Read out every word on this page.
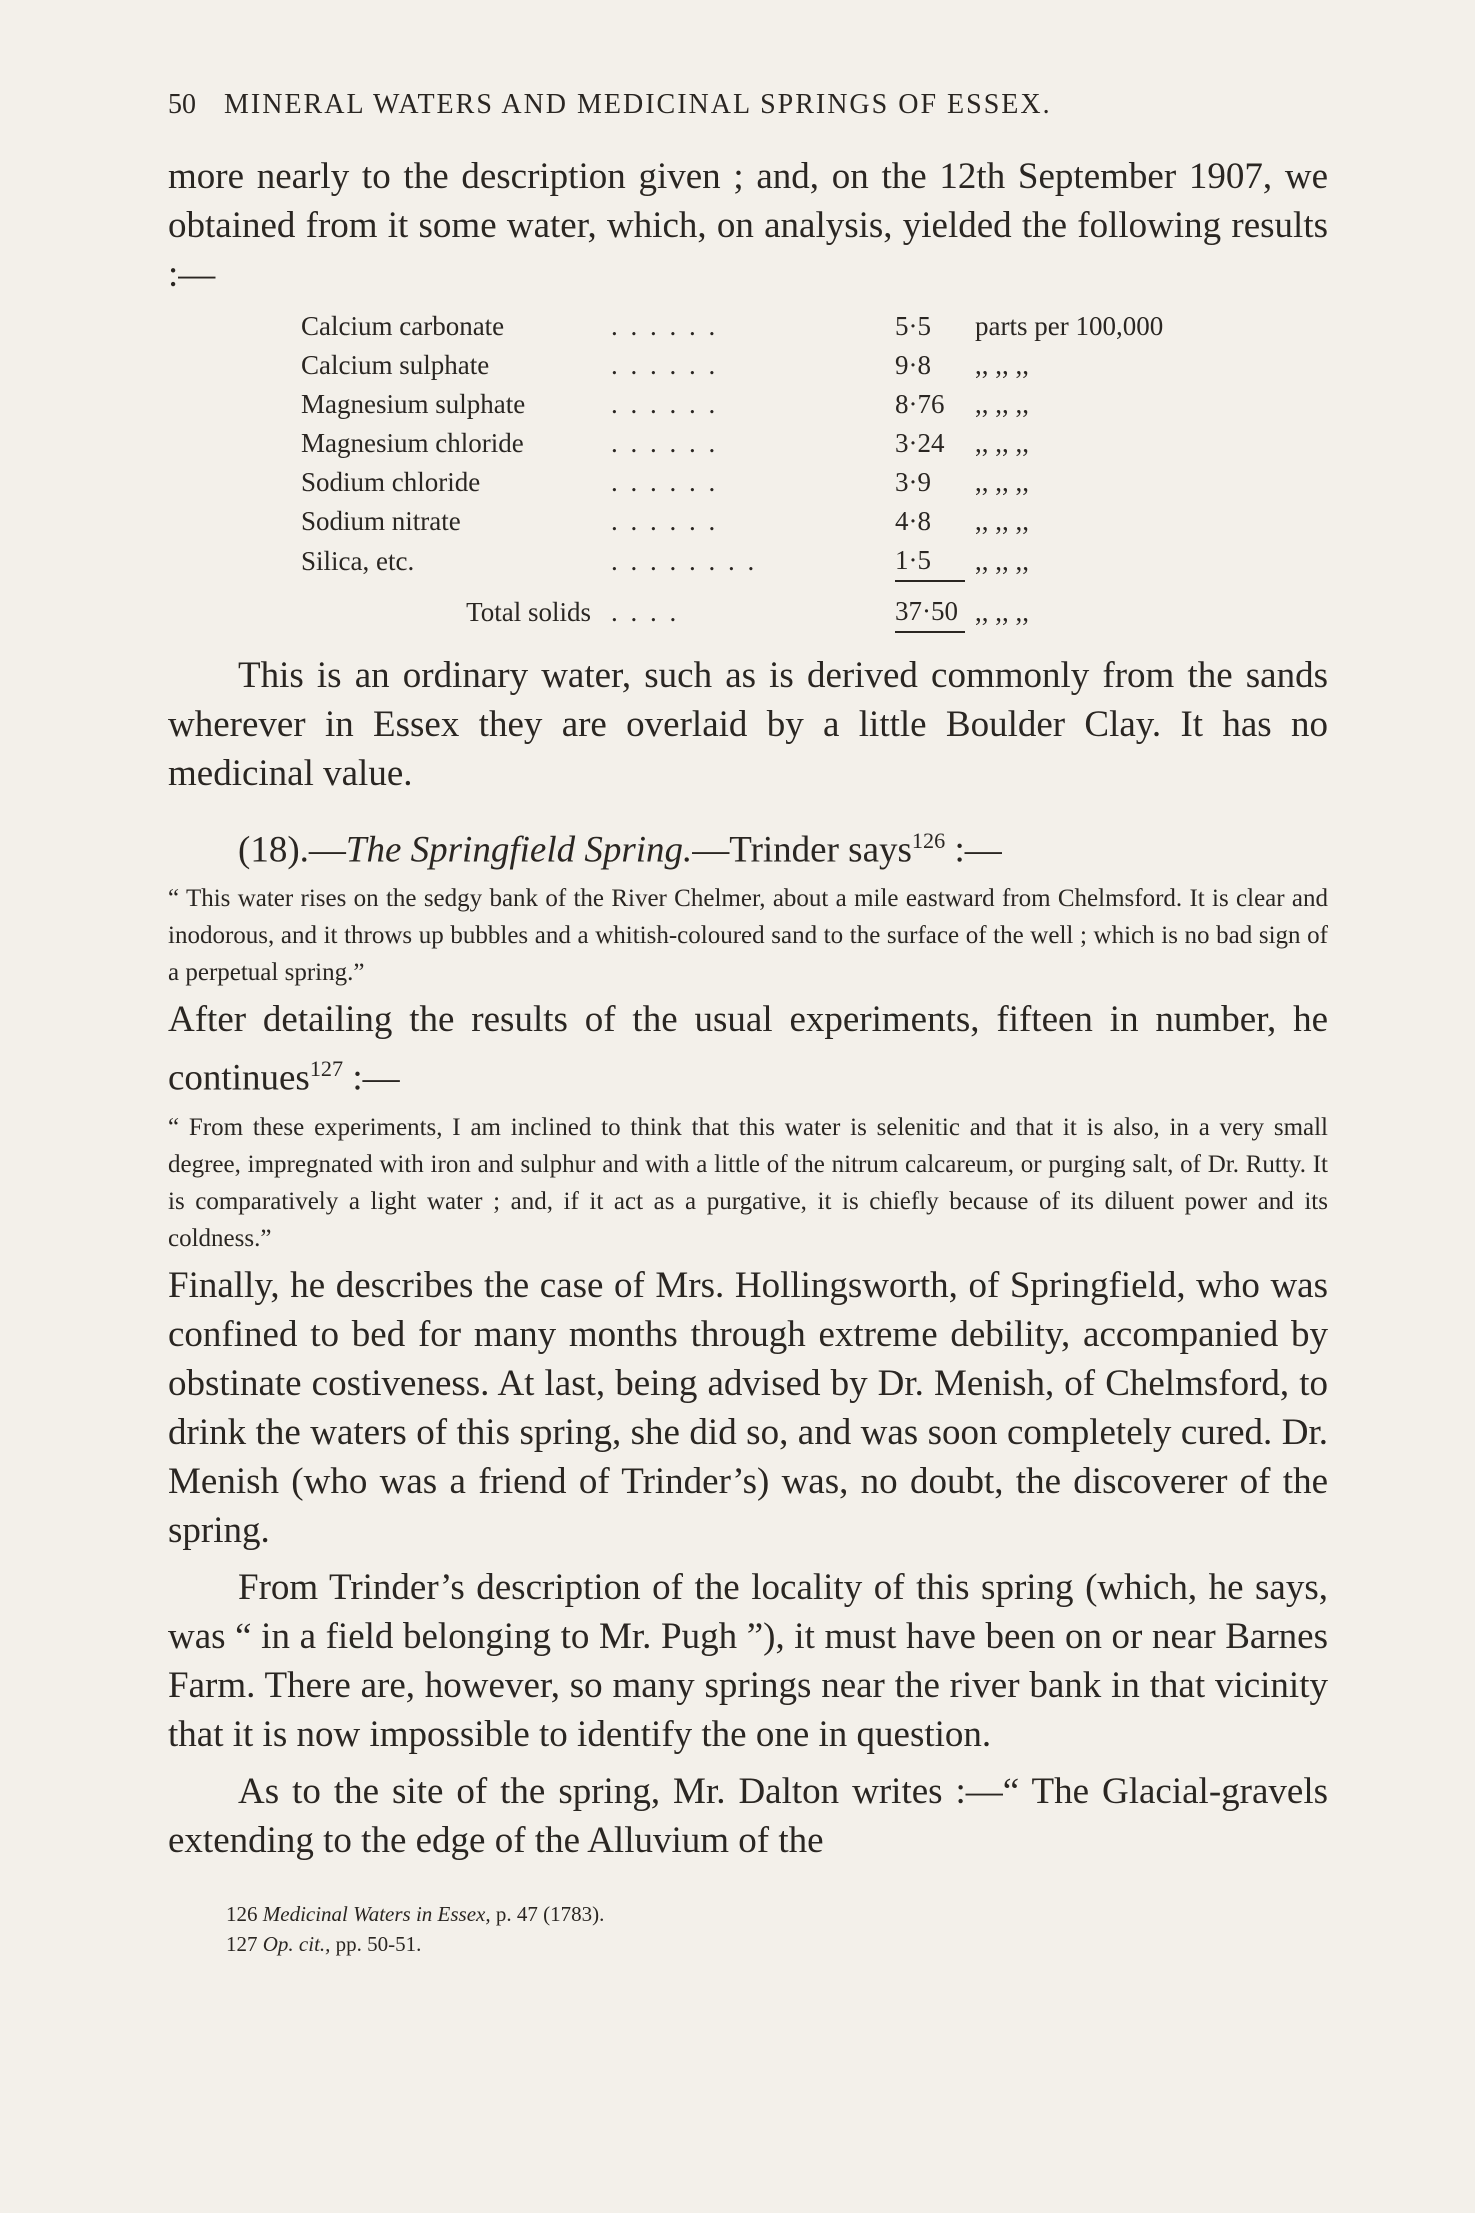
50 MINERAL WATERS AND MEDICINAL SPRINGS OF ESSEX.

more nearly to the description given ; and, on the 12th September 1907, we obtained from it some water, which, on analysis, yielded the following results :—

Calcium carbonate	. . . . . .	5·5	parts per 100,000
Calcium sulphate	. . . . . .	9·8	,, ,, ,,
Magnesium sulphate	. . . . . .	8·76	,, ,, ,,
Magnesium chloride	. . . . . .	3·24	,, ,, ,,
Sodium chloride	. . . . . .	3·9	,, ,, ,,
Sodium nitrate	. . . . . .	4·8	,, ,, ,,
Silica, etc.	. . . . . . . .	1·5	,, ,, ,,
Total solids	. . . .	37·50	,, ,, ,,

This is an ordinary water, such as is derived commonly from the sands wherever in Essex they are overlaid by a little Boulder Clay. It has no medicinal value.

(18).—The Springfield Spring.—Trinder says$^{126}$ :—

“ This water rises on the sedgy bank of the River Chelmer, about a mile eastward from Chelmsford. It is clear and inodorous, and it throws up bubbles and a whitish-coloured sand to the surface of the well ; which is no bad sign of a perpetual spring.”

After detailing the results of the usual experiments, fifteen in number, he continues$^{127}$ :—

“ From these experiments, I am inclined to think that this water is selenitic and that it is also, in a very small degree, impregnated with iron and sulphur and with a little of the nitrum calcareum, or purging salt, of Dr. Rutty. It is comparatively a light water ; and, if it act as a purgative, it is chiefly because of its diluent power and its coldness.”

Finally, he describes the case of Mrs. Hollingsworth, of Springfield, who was confined to bed for many months through extreme debility, accompanied by obstinate costiveness. At last, being advised by Dr. Menish, of Chelmsford, to drink the waters of this spring, she did so, and was soon completely cured. Dr. Menish (who was a friend of Trinder’s) was, no doubt, the discoverer of the spring.

From Trinder’s description of the locality of this spring (which, he says, was “ in a field belonging to Mr. Pugh ”), it must have been on or near Barnes Farm. There are, however, so many springs near the river bank in that vicinity that it is now impossible to identify the one in question.

As to the site of the spring, Mr. Dalton writes :—“ The Glacial-gravels extending to the edge of the Alluvium of the

126 Medicinal Waters in Essex, p. 47 (1783).
127 Op. cit., pp. 50-51.
